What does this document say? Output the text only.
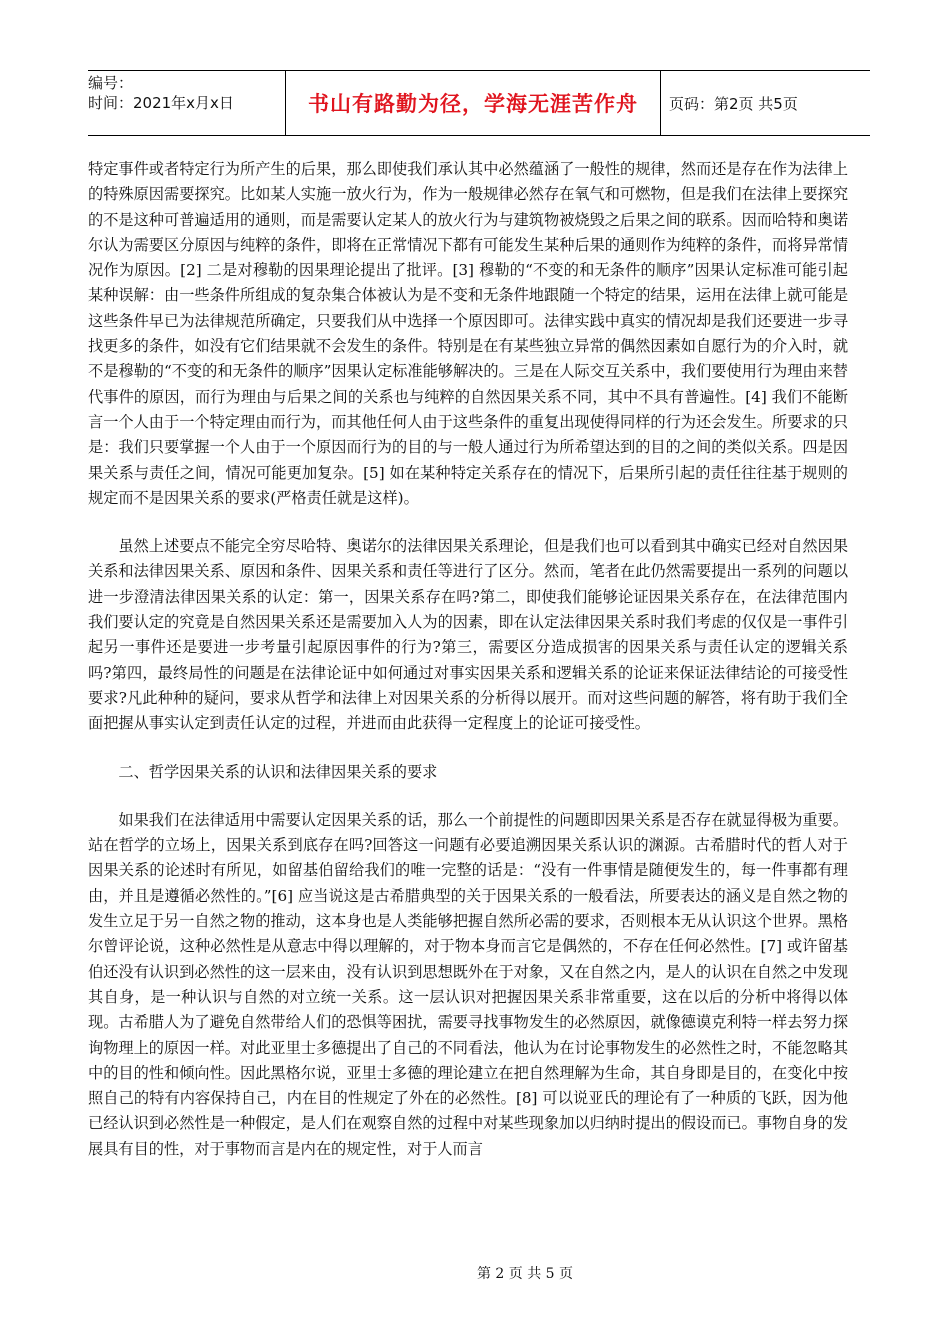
编号：
时间：2021年x月x日	书山有路勤为径，学海无涯苦作舟	页码：第2页 共5页

特定事件或者特定行为所产生的后果，那么即使我们承认其中必然蕴涵了一般性的规律，然而还是存在作为法律上的特殊原因需要探究。比如某人实施一放火行为，作为一般规律必然存在氧气和可燃物，但是我们在法律上要探究的不是这种可普遍适用的通则，而是需要认定某人的放火行为与建筑物被烧毁之后果之间的联系。因而哈特和奥诺尔认为需要区分原因与纯粹的条件，即将在正常情况下都有可能发生某种后果的通则作为纯粹的条件，而将异常情况作为原因。[2] 二是对穆勒的因果理论提出了批评。[3] 穆勒的“不变的和无条件的顺序”因果认定标准可能引起某种误解：由一些条件所组成的复杂集合体被认为是不变和无条件地跟随一个特定的结果，运用在法律上就可能是这些条件早已为法律规范所确定，只要我们从中选择一个原因即可。法律实践中真实的情况却是我们还要进一步寻找更多的条件，如没有它们结果就不会发生的条件。特别是在有某些独立异常的偶然因素如自愿行为的介入时，就不是穆勒的“不变的和无条件的顺序”因果认定标准能够解决的。三是在人际交互关系中，我们要使用行为理由来替代事件的原因，而行为理由与后果之间的关系也与纯粹的自然因果关系不同，其中不具有普遍性。[4] 我们不能断言一个人由于一个特定理由而行为，而其他任何人由于这些条件的重复出现使得同样的行为还会发生。所要求的只是：我们只要掌握一个人由于一个原因而行为的目的与一般人通过行为所希望达到的目的之间的类似关系。四是因果关系与责任之间，情况可能更加复杂。[5] 如在某种特定关系存在的情况下，后果所引起的责任往往基于规则的规定而不是因果关系的要求(严格责任就是这样)。

虽然上述要点不能完全穷尽哈特、奥诺尔的法律因果关系理论，但是我们也可以看到其中确实已经对自然因果关系和法律因果关系、原因和条件、因果关系和责任等进行了区分。然而，笔者在此仍然需要提出一系列的问题以进一步澄清法律因果关系的认定：第一，因果关系存在吗?第二，即使我们能够论证因果关系存在，在法律范围内我们要认定的究竟是自然因果关系还是需要加入人为的因素，即在认定法律因果关系时我们考虑的仅仅是一事件引起另一事件还是要进一步考量引起原因事件的行为?第三，需要区分造成损害的因果关系与责任认定的逻辑关系吗?第四，最终局性的问题是在法律论证中如何通过对事实因果关系和逻辑关系的论证来保证法律结论的可接受性要求?凡此种种的疑问，要求从哲学和法律上对因果关系的分析得以展开。而对这些问题的解答，将有助于我们全面把握从事实认定到责任认定的过程，并进而由此获得一定程度上的论证可接受性。

二、哲学因果关系的认识和法律因果关系的要求

如果我们在法律适用中需要认定因果关系的话，那么一个前提性的问题即因果关系是否存在就显得极为重要。站在哲学的立场上，因果关系到底存在吗?回答这一问题有必要追溯因果关系认识的渊源。古希腊时代的哲人对于因果关系的论述时有所见，如留基伯留给我们的唯一完整的话是：“没有一件事情是随便发生的，每一件事都有理由，并且是遵循必然性的。”[6] 应当说这是古希腊典型的关于因果关系的一般看法，所要表达的涵义是自然之物的发生立足于另一自然之物的推动，这本身也是人类能够把握自然所必需的要求，否则根本无从认识这个世界。黑格尔曾评论说，这种必然性是从意志中得以理解的，对于物本身而言它是偶然的，不存在任何必然性。[7] 或许留基伯还没有认识到必然性的这一层来由，没有认识到思想既外在于对象，又在自然之内，是人的认识在自然之中发现其自身，是一种认识与自然的对立统一关系。这一层认识对把握因果关系非常重要，这在以后的分析中将得以体现。古希腊人为了避免自然带给人们的恐惧等困扰，需要寻找事物发生的必然原因，就像德谟克利特一样去努力探询物理上的原因一样。对此亚里士多德提出了自己的不同看法，他认为在讨论事物发生的必然性之时，不能忽略其中的目的性和倾向性。因此黑格尔说，亚里士多德的理论建立在把自然理解为生命，其自身即是目的，在变化中按照自己的特有内容保持自己，内在目的性规定了外在的必然性。[8] 可以说亚氏的理论有了一种质的飞跃，因为他已经认识到必然性是一种假定，是人们在观察自然的过程中对某些现象加以归纳时提出的假设而已。事物自身的发展具有目的性，对于事物而言是内在的规定性，对于人而言

第 2 页 共 5 页
